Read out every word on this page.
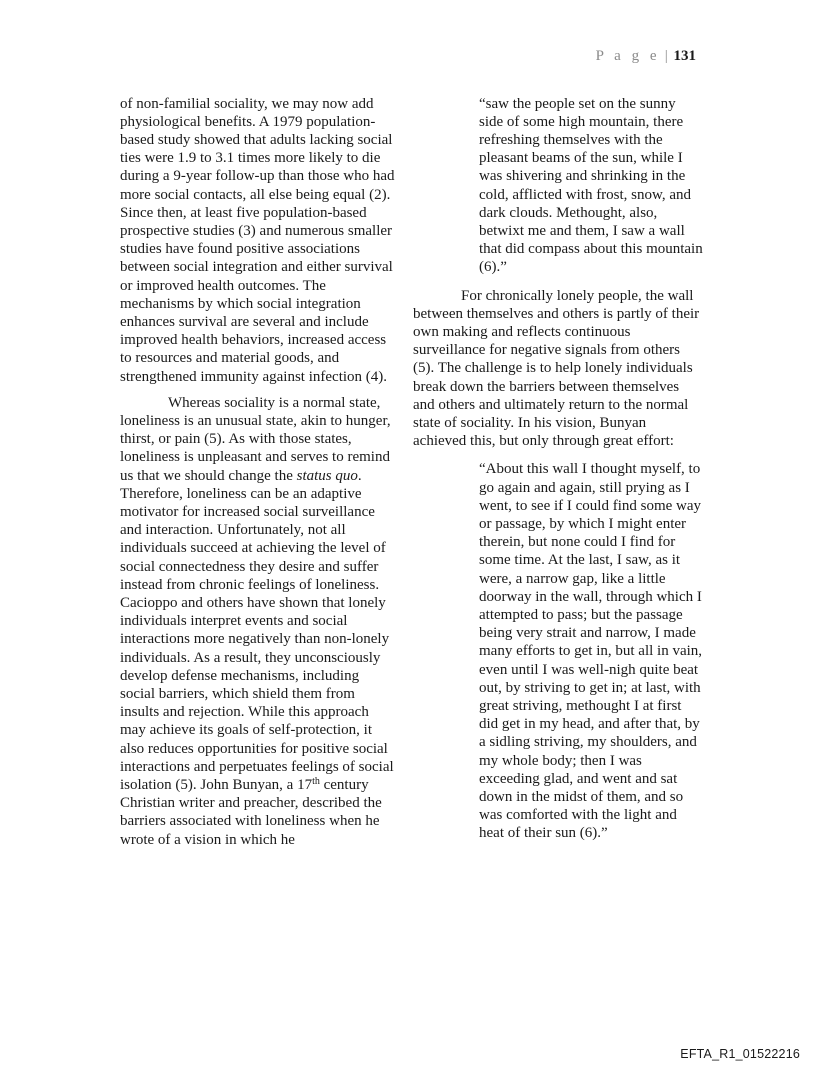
P a g e | 131

of non-familial sociality, we may now add physiological benefits. A 1979 population-based study showed that adults lacking social ties were 1.9 to 3.1 times more likely to die during a 9-year follow-up than those who had more social contacts, all else being equal (2). Since then, at least five population-based prospective studies (3) and numerous smaller studies have found positive associations between social integration and either survival or improved health outcomes. The mechanisms by which social integration enhances survival are several and include improved health behaviors, increased access to resources and material goods, and strengthened immunity against infection (4).

Whereas sociality is a normal state, loneliness is an unusual state, akin to hunger, thirst, or pain (5). As with those states, loneliness is unpleasant and serves to remind us that we should change the status quo. Therefore, loneliness can be an adaptive motivator for increased social surveillance and interaction. Unfortunately, not all individuals succeed at achieving the level of social connectedness they desire and suffer instead from chronic feelings of loneliness. Cacioppo and others have shown that lonely individuals interpret events and social interactions more negatively than non-lonely individuals. As a result, they unconsciously develop defense mechanisms, including social barriers, which shield them from insults and rejection. While this approach may achieve its goals of self-protection, it also reduces opportunities for positive social interactions and perpetuates feelings of social isolation (5). John Bunyan, a 17th century Christian writer and preacher, described the barriers associated with loneliness when he wrote of a vision in which he

“saw the people set on the sunny side of some high mountain, there refreshing themselves with the pleasant beams of the sun, while I was shivering and shrinking in the cold, afflicted with frost, snow, and dark clouds. Methought, also, betwixt me and them, I saw a wall that did compass about this mountain (6).”

For chronically lonely people, the wall between themselves and others is partly of their own making and reflects continuous surveillance for negative signals from others (5). The challenge is to help lonely individuals break down the barriers between themselves and others and ultimately return to the normal state of sociality. In his vision, Bunyan achieved this, but only through great effort:

“About this wall I thought myself, to go again and again, still prying as I went, to see if I could find some way or passage, by which I might enter therein, but none could I find for some time. At the last, I saw, as it were, a narrow gap, like a little doorway in the wall, through which I attempted to pass; but the passage being very strait and narrow, I made many efforts to get in, but all in vain, even until I was well-nigh quite beat out, by striving to get in; at last, with great striving, methought I at first did get in my head, and after that, by a sidling striving, my shoulders, and my whole body; then I was exceeding glad, and went and sat down in the midst of them, and so was comforted with the light and heat of their sun (6).”

EFTA_R1_01522216
